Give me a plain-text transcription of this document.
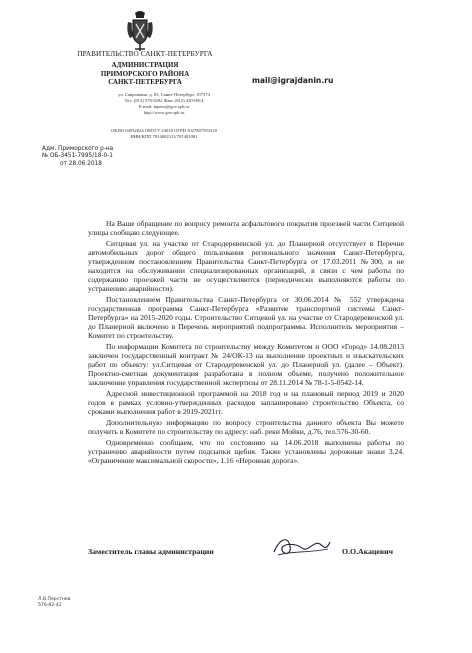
ПРАВИТЕЛЬСТВО САНКТ-ПЕТЕРБУРГА
АДМИНИСТРАЦИЯ
ПРИМОРСКОГО РАЙОНА
САНКТ-ПЕТЕРБУРГА
ул. Савушкина, д. 83, Санкт-Петербург, 197374
Тел. (812) 576-8282 Факс (812) 430-0814
E-mail: tuprim@gov.spb.ru
http://www.gov.spb.ru
ОКПО 04032824 ОКОГУ 23010 ОГРН 1027807593318
ИНН/КПП 7814002313/781401001
Адм. Приморского р-на
№ ОБ-3451-7995/18-0-1
от 28.06.2018
mail@igrajdanin.ru

На Ваше обращение по вопросу ремонта асфальтового покрытия проезжей части Ситцевой улицы сообщаю следующее.

Ситцевая ул. на участке от Стародеревенской ул. до Планерной отсутствует в Перечне автомобильных дорог общего пользования регионального значения Санкт-Петербурга, утвержденном постановлением Правительства Санкт-Петербурга от 17.03.2011 №300, и не находится на обслуживании специализированных организаций, в связи с чем работы по содержанию проезжей части не осуществляются (периодически выполняются работы по устранению аварийности).

Постановлением Правительства Санкт-Петербурга от 30.06.2014 № 552 утверждена государственная программа Санкт-Петербурга «Развитие транспортной системы Санкт-Петербурга» на 2015-2020 годы. Строительство Ситцевой ул. на участке от Стародеревенской ул. до Планерной включено в Перечень мероприятий подпрограммы. Исполнитель мероприятия – Комитет по строительству.

По информации Комитета по строительству между Комитетом и ООО «Город» 14.08.2013 заключен государственный контракт № 24/ОК-13 на выполнение проектных и изыскательских работ по объекту: ул.Ситцевая от Стародеревенской ул. до Планерной ул. (далее – Объект). Проектно-сметная документация разработана в полном объеме, получено положительное заключение управления государственной экспертизы от 28.11.2014 № 78-1-5-0542-14.

Адресной инвестиционной программой на 2018 год и на плановый период 2019 и 2020 годов в рамках условно-утвержденных расходов запланировано строительство Объекта, со сроками выполнения работ в 2019-2021гг.

Дополнительную информацию по вопросу строительства данного объекта Вы можете получить в Комитете по строительству по адресу: наб. реки Мойки, д.76, тел.576-30-60.

Одновременно сообщаем, что по состоянию на 14.06.2018 выполнены работы по устранению аварийности путем подсыпки щебня. Также установлены дорожные знаки 3.24. «Ограничение максимальной скорости», 1.16 «Неровная дорога».

Заместитель главы администрации	О.О.Акацевич
Л.В.Перстнев
576-82-42
